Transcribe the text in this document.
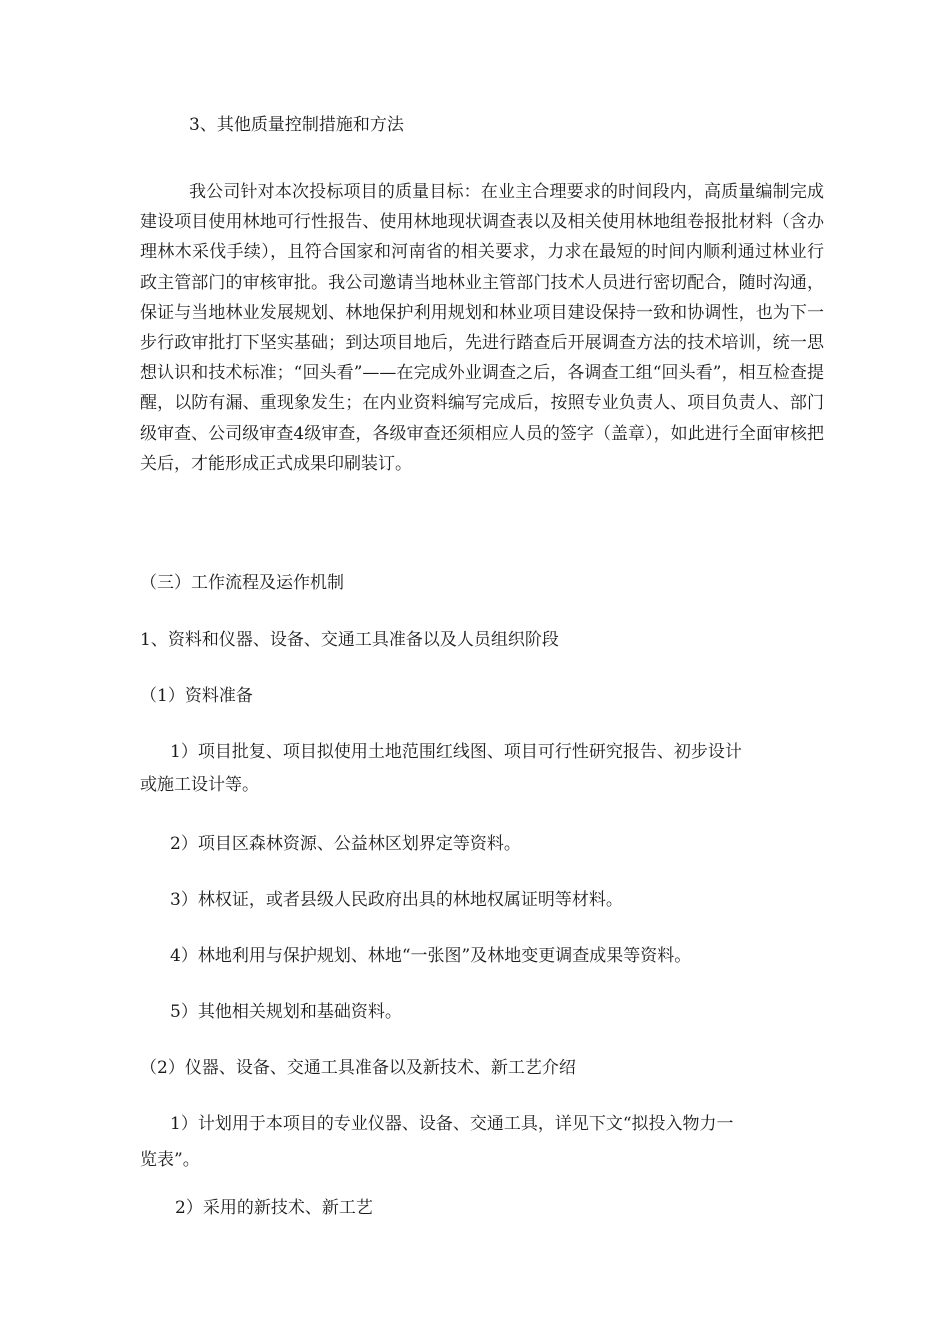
3、其他质量控制措施和方法

我公司针对本次投标项目的质量目标：在业主合理要求的时间段内，高质量编制完成建设项目使用林地可行性报告、使用林地现状调查表以及相关使用林地组卷报批材料（含办理林木采伐手续），且符合国家和河南省的相关要求，力求在最短的时间内顺利通过林业行政主管部门的审核审批。我公司邀请当地林业主管部门技术人员进行密切配合，随时沟通，保证与当地林业发展规划、林地保护利用规划和林业项目建设保持一致和协调性，也为下一步行政审批打下坚实基础；到达项目地后，先进行踏查后开展调查方法的技术培训，统一思想认识和技术标准；“回头看”——在完成外业调查之后，各调查工组“回头看”，相互检查提醒，以防有漏、重现象发生；在内业资料编写完成后，按照专业负责人、项目负责人、部门级审查、公司级审查4级审查，各级审查还须相应人员的签字（盖章），如此进行全面审核把关后，才能形成正式成果印刷装订。

（三）工作流程及运作机制
1、资料和仪器、设备、交通工具准备以及人员组织阶段
（1）资料准备
1）项目批复、项目拟使用土地范围红线图、项目可行性研究报告、初步设计
或施工设计等。
2）项目区森林资源、公益林区划界定等资料。
3）林权证，或者县级人民政府出具的林地权属证明等材料。
4）林地利用与保护规划、林地“一张图”及林地变更调查成果等资料。
5）其他相关规划和基础资料。
（2）仪器、设备、交通工具准备以及新技术、新工艺介绍
1）计划用于本项目的专业仪器、设备、交通工具，详见下文“拟投入物力一
览表”。
2）采用的新技术、新工艺
